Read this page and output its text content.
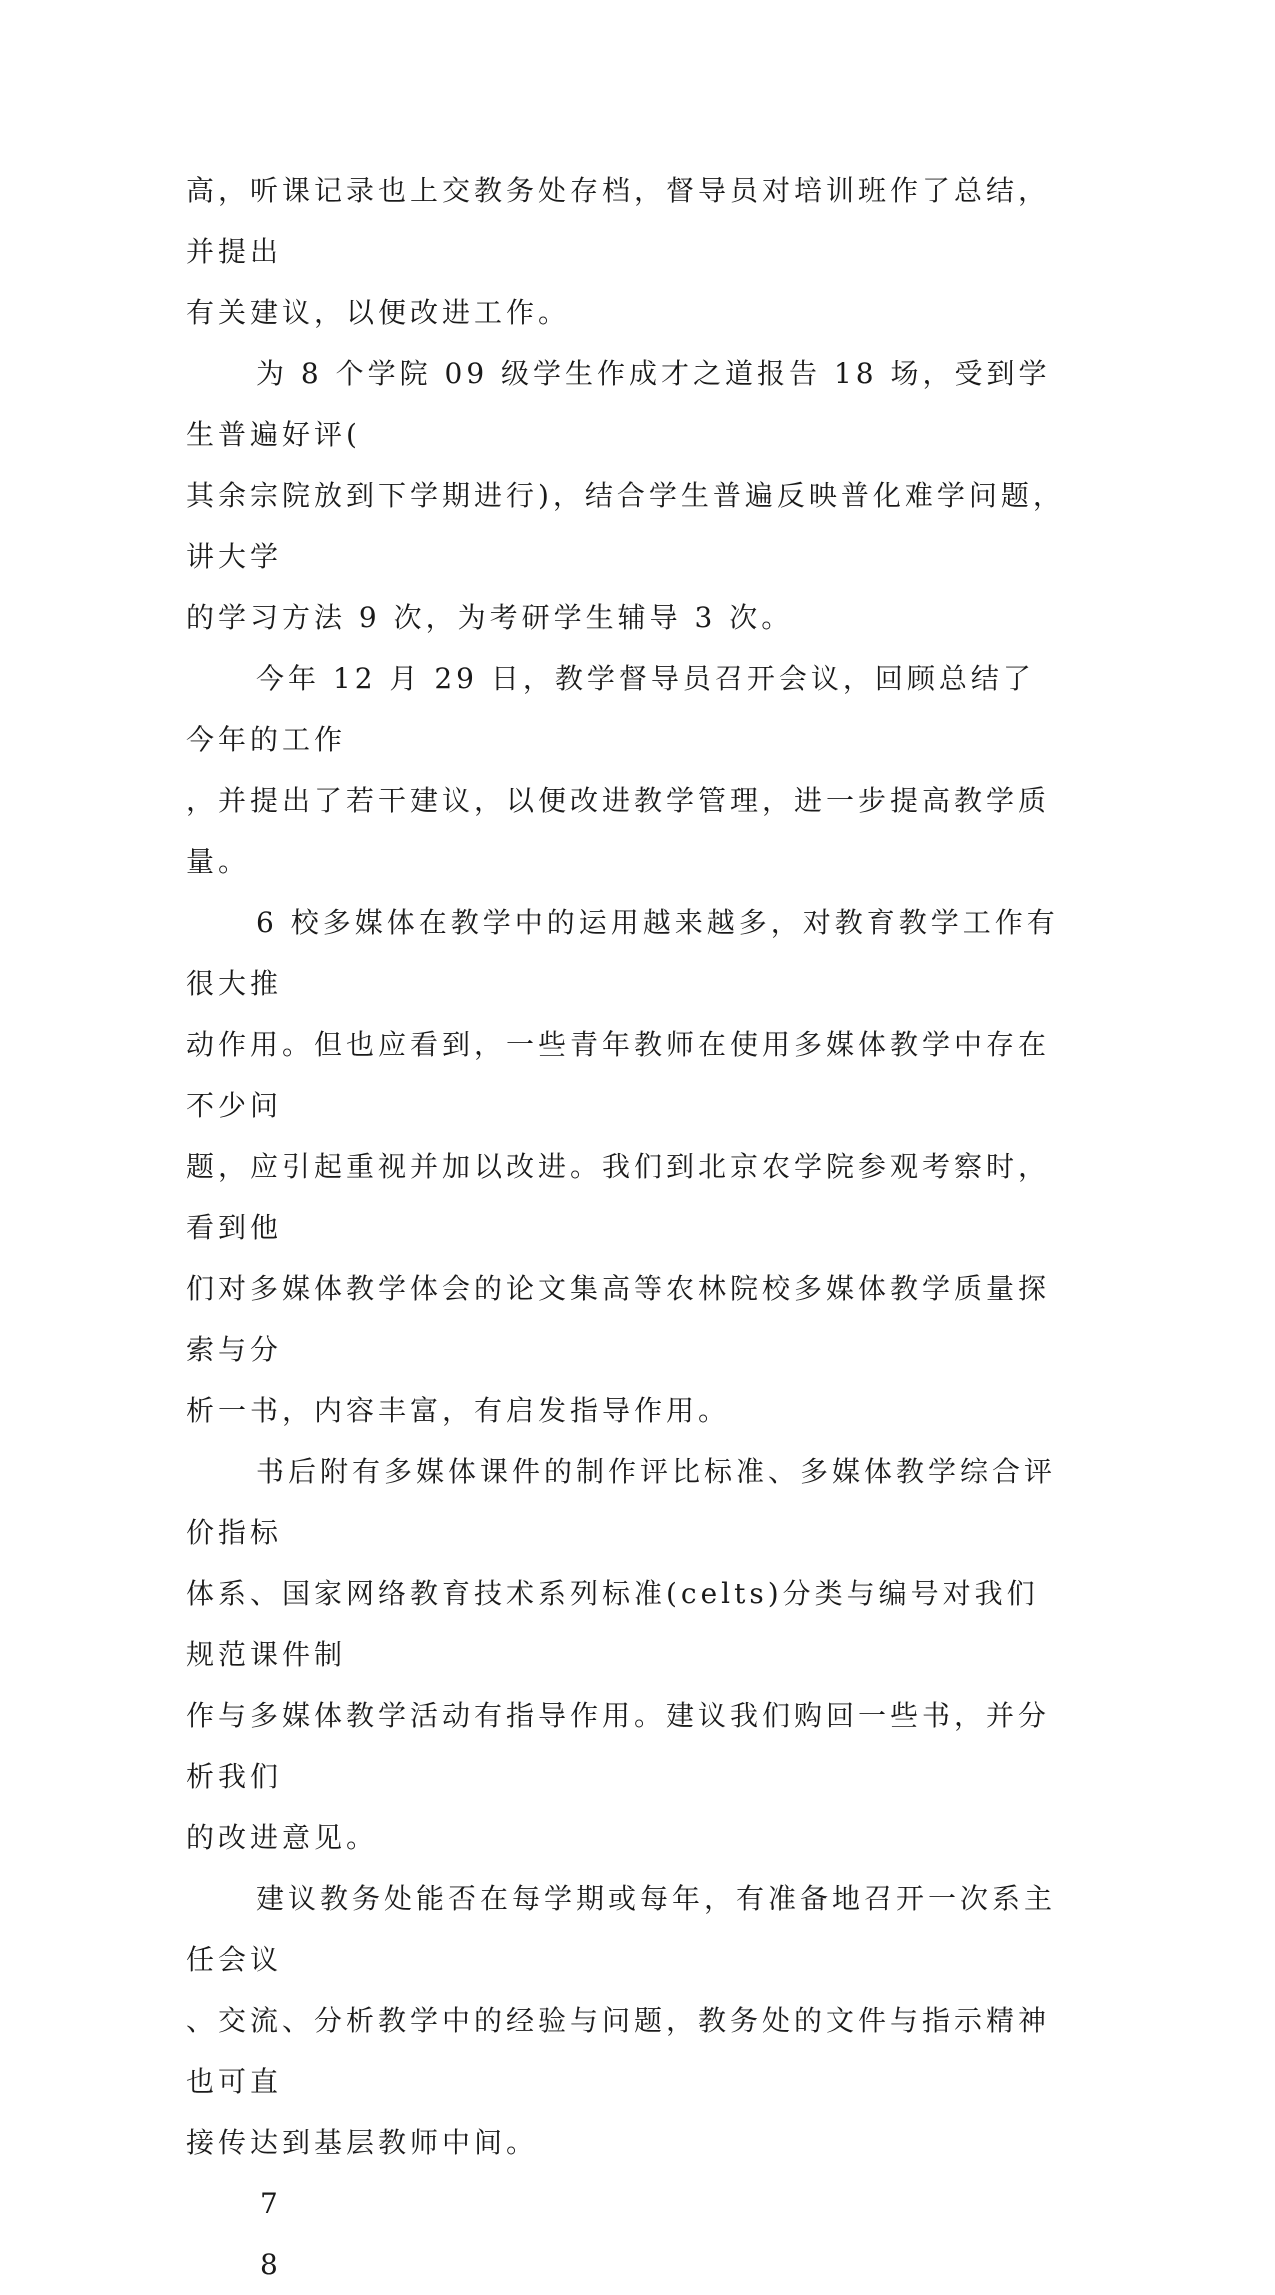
高，听课记录也上交教务处存档，督导员对培训班作了总结，并提出
有关建议，以便改进工作。

为 8 个学院 09 级学生作成才之道报告 18 场，受到学生普遍好评(
其余宗院放到下学期进行)，结合学生普遍反映普化难学问题，讲大学
的学习方法 9 次，为考研学生辅导 3 次。

今年 12 月 29 日，教学督导员召开会议，回顾总结了今年的工作
，并提出了若干建议，以便改进教学管理，进一步提高教学质量。

6 校多媒体在教学中的运用越来越多，对教育教学工作有很大推
动作用。但也应看到，一些青年教师在使用多媒体教学中存在不少问
题，应引起重视并加以改进。我们到北京农学院参观考察时，看到他
们对多媒体教学体会的论文集高等农林院校多媒体教学质量探索与分
析一书，内容丰富，有启发指导作用。

书后附有多媒体课件的制作评比标准、多媒体教学综合评价指标
体系、国家网络教育技术系列标准(celts)分类与编号对我们规范课件制
作与多媒体教学活动有指导作用。建议我们购回一些书，并分析我们
的改进意见。

建议教务处能否在每学期或每年，有准备地召开一次系主任会议
、交流、分析教学中的经验与问题，教务处的文件与指示精神也可直
接传达到基层教师中间。

7

8
